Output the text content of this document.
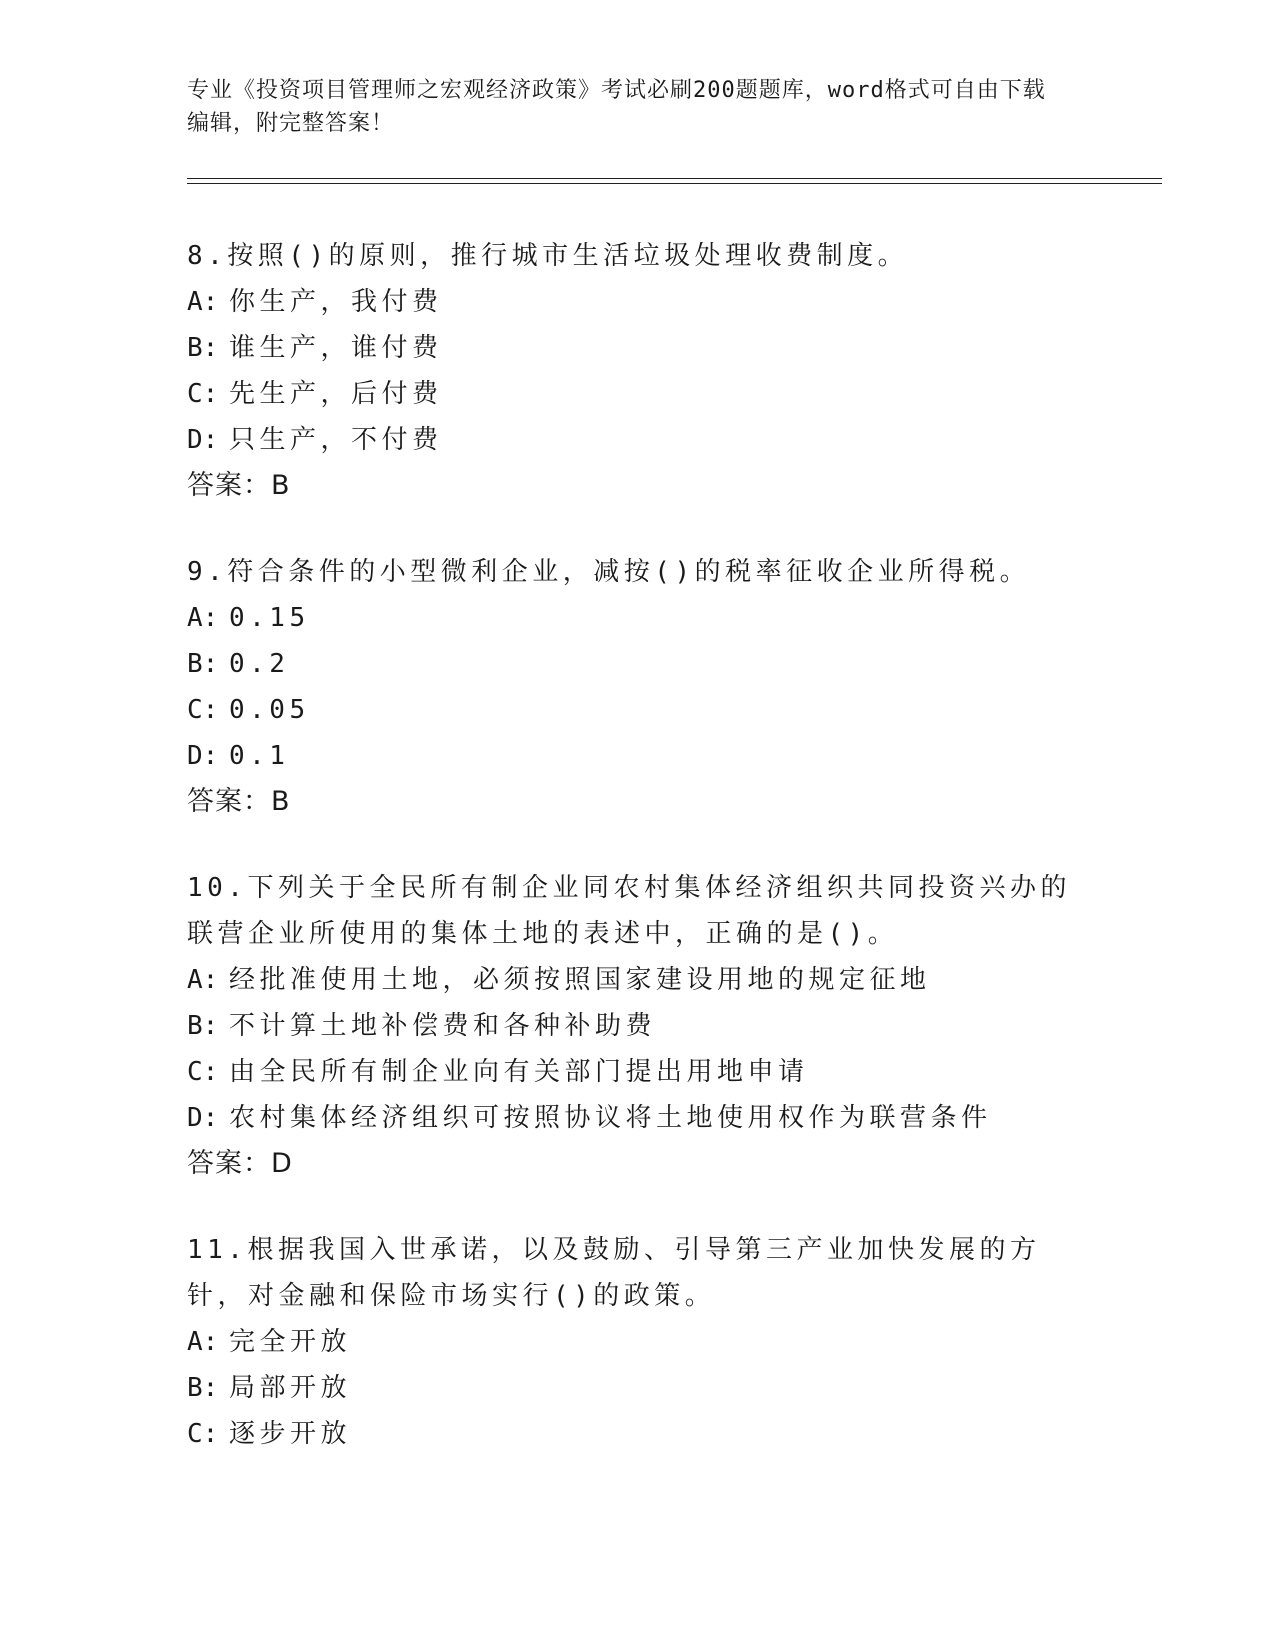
专业《投资项目管理师之宏观经济政策》考试必刷200题题库，word格式可自由下载编辑，附完整答案！
8.按照()的原则，推行城市生活垃圾处理收费制度。
A: 你生产，我付费
B: 谁生产，谁付费
C: 先生产，后付费
D: 只生产，不付费
答案：B
9.符合条件的小型微利企业，减按()的税率征收企业所得税。
A: 0.15
B: 0.2
C: 0.05
D: 0.1
答案：B
10.下列关于全民所有制企业同农村集体经济组织共同投资兴办的联营企业所使用的集体土地的表述中，正确的是()。
A: 经批准使用土地，必须按照国家建设用地的规定征地
B: 不计算土地补偿费和各种补助费
C: 由全民所有制企业向有关部门提出用地申请
D: 农村集体经济组织可按照协议将土地使用权作为联营条件
答案：D
11.根据我国入世承诺，以及鼓励、引导第三产业加快发展的方针，对金融和保险市场实行()的政策。
A: 完全开放
B: 局部开放
C: 逐步开放
